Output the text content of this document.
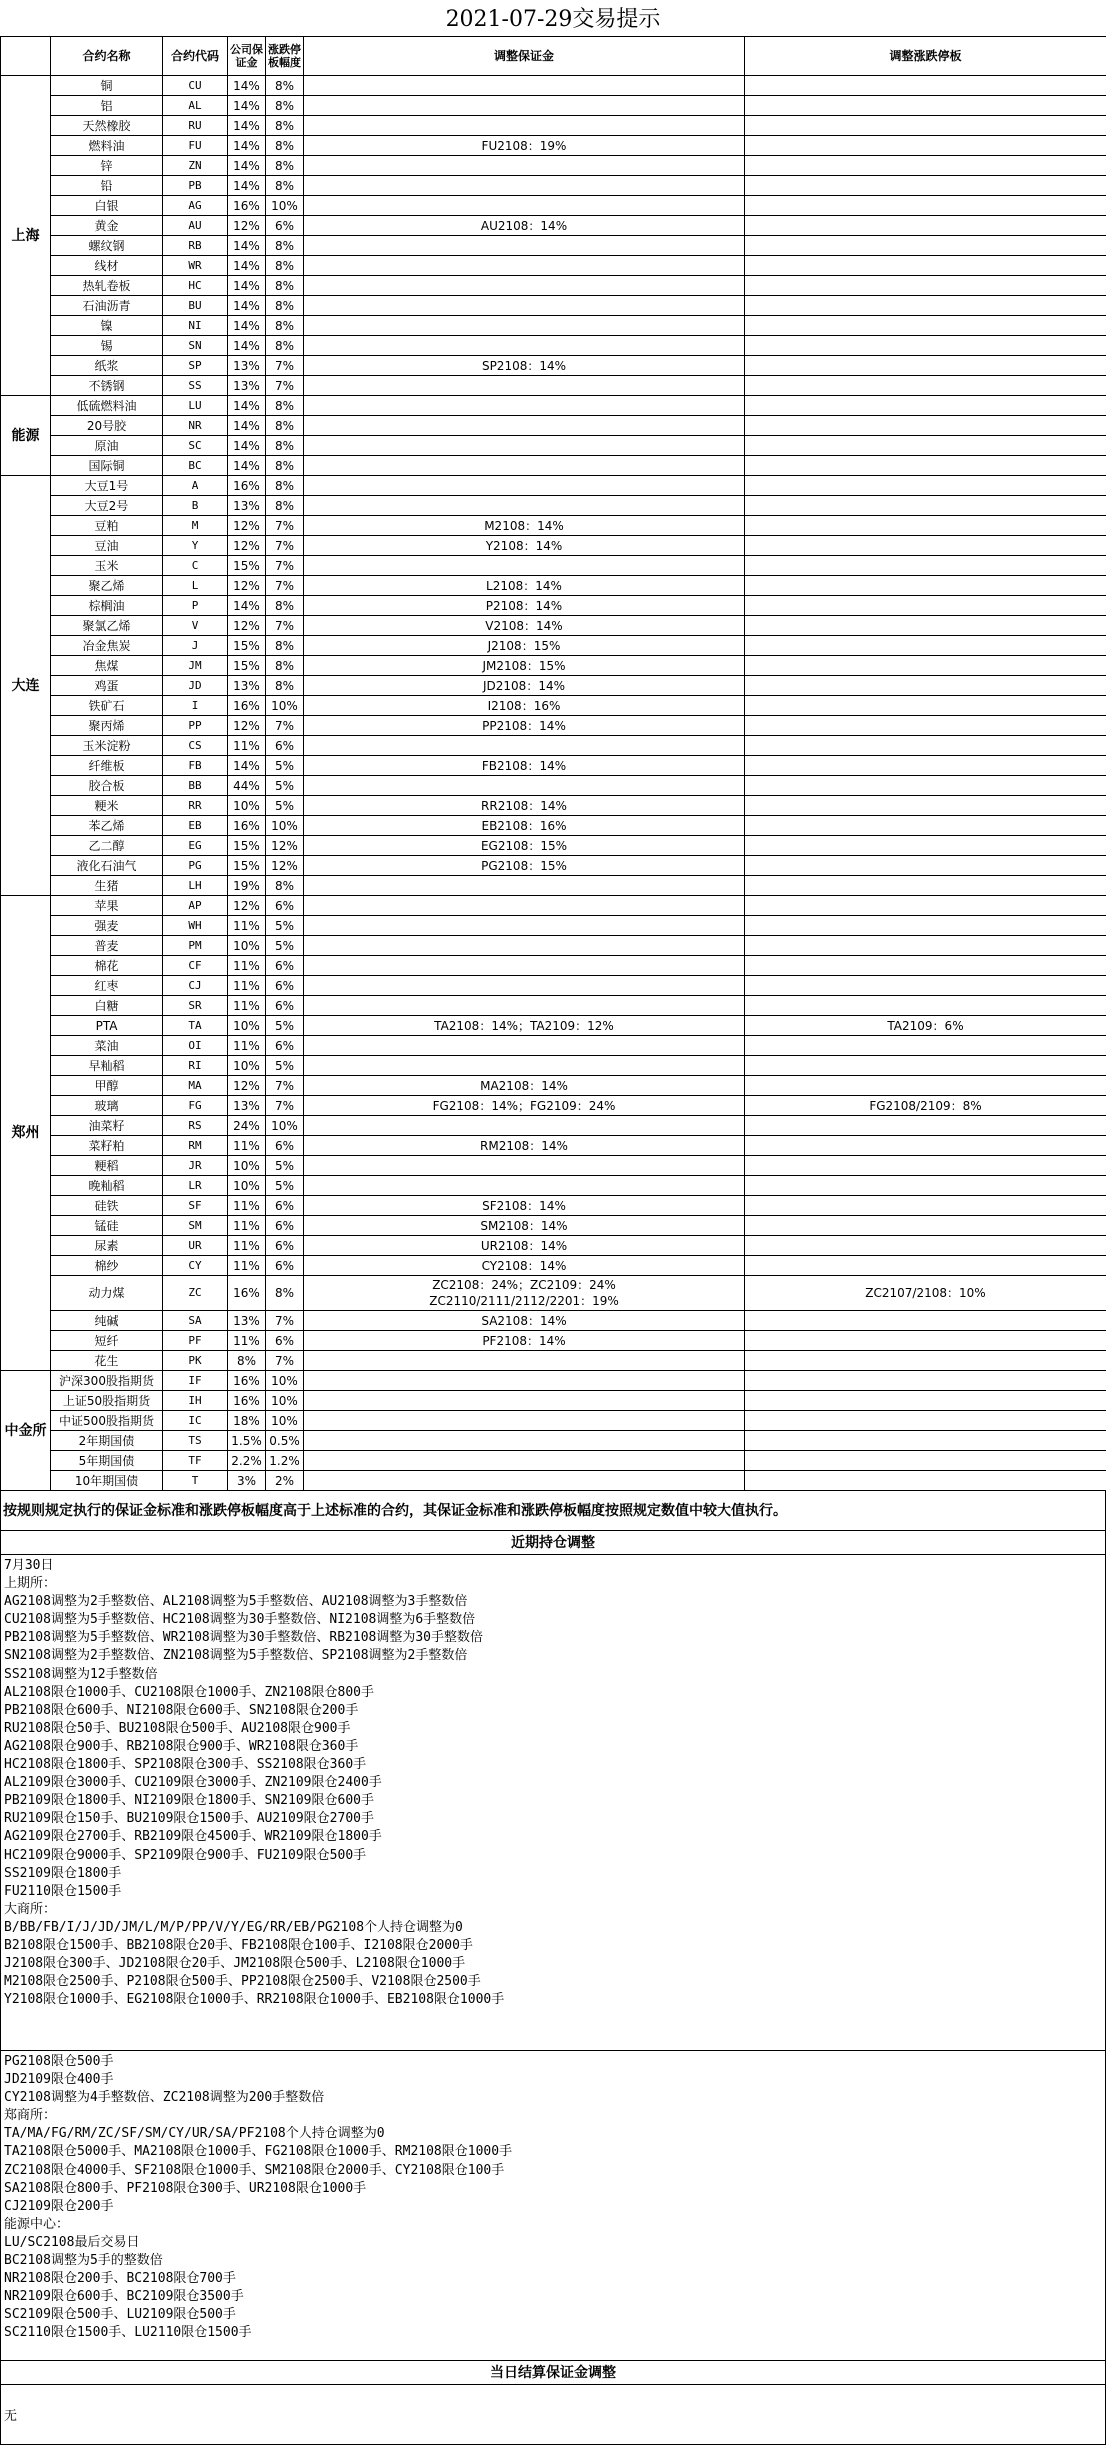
2021-07-29交易提示
	合约名称	合约代码	公司保证金	涨跌停板幅度	调整保证金	调整涨跌停板
上海	铜	CU	14%	8%		
	铝	AL	14%	8%		
	天然橡胶	RU	14%	8%		
	燃料油	FU	14%	8%	FU2108：19%	
	锌	ZN	14%	8%		
	铅	PB	14%	8%		
	白银	AG	16%	10%		
	黄金	AU	12%	6%	AU2108：14%	
	螺纹钢	RB	14%	8%		
	线材	WR	14%	8%		
	热轧卷板	HC	14%	8%		
	石油沥青	BU	14%	8%		
	镍	NI	14%	8%		
	锡	SN	14%	8%		
	纸浆	SP	13%	7%	SP2108：14%	
	不锈钢	SS	13%	7%		
能源	低硫燃料油	LU	14%	8%		
	20号胶	NR	14%	8%		
	原油	SC	14%	8%		
	国际铜	BC	14%	8%		
大连	大豆1号	A	16%	8%		
	大豆2号	B	13%	8%		
	豆粕	M	12%	7%	M2108：14%	
	豆油	Y	12%	7%	Y2108：14%	
	玉米	C	15%	7%		
	聚乙烯	L	12%	7%	L2108：14%	
	棕榈油	P	14%	8%	P2108：14%	
	聚氯乙烯	V	12%	7%	V2108：14%	
	冶金焦炭	J	15%	8%	J2108：15%	
	焦煤	JM	15%	8%	JM2108：15%	
	鸡蛋	JD	13%	8%	JD2108：14%	
	铁矿石	I	16%	10%	I2108：16%	
	聚丙烯	PP	12%	7%	PP2108：14%	
	玉米淀粉	CS	11%	6%		
	纤维板	FB	14%	5%	FB2108：14%	
	胶合板	BB	44%	5%		
	粳米	RR	10%	5%	RR2108：14%	
	苯乙烯	EB	16%	10%	EB2108：16%	
	乙二醇	EG	15%	12%	EG2108：15%	
	液化石油气	PG	15%	12%	PG2108：15%	
	生猪	LH	19%	8%		
郑州	苹果	AP	12%	6%		
	强麦	WH	11%	5%		
	普麦	PM	10%	5%		
	棉花	CF	11%	6%		
	红枣	CJ	11%	6%		
	白糖	SR	11%	6%		
	PTA	TA	10%	5%	TA2108：14%；TA2109：12%	TA2109：6%
	菜油	OI	11%	6%		
	早籼稻	RI	10%	5%		
	甲醇	MA	12%	7%	MA2108：14%	
	玻璃	FG	13%	7%	FG2108：14%；FG2109：24%	FG2108/2109：8%
	油菜籽	RS	24%	10%		
	菜籽粕	RM	11%	6%	RM2108：14%	
	粳稻	JR	10%	5%		
	晚籼稻	LR	10%	5%		
	硅铁	SF	11%	6%	SF2108：14%	
	锰硅	SM	11%	6%	SM2108：14%	
	尿素	UR	11%	6%	UR2108：14%	
	棉纱	CY	11%	6%	CY2108：14%	
	动力煤	ZC	16%	8%	ZC2108：24%；ZC2109：24%
ZC2110/2111/2112/2201：19%	ZC2107/2108：10%
	纯碱	SA	13%	7%	SA2108：14%	
	短纤	PF	11%	6%	PF2108：14%	
	花生	PK	8%	7%		
中金所	沪深300股指期货	IF	16%	10%		
	上证50股指期货	IH	16%	10%		
	中证500股指期货	IC	18%	10%		
	2年期国债	TS	1.5%	0.5%		
	5年期国债	TF	2.2%	1.2%		
	10年期国债	T	3%	2%		
按规则规定执行的保证金标准和涨跌停板幅度高于上述标准的合约，其保证金标准和涨跌停板幅度按照规定数值中较大值执行。
近期持仓调整
7月30日
上期所：
AG2108调整为2手整数倍、AL2108调整为5手整数倍、AU2108调整为3手整数倍
CU2108调整为5手整数倍、HC2108调整为30手整数倍、NI2108调整为6手整数倍
PB2108调整为5手整数倍、WR2108调整为30手整数倍、RB2108调整为30手整数倍
SN2108调整为2手整数倍、ZN2108调整为5手整数倍、SP2108调整为2手整数倍
SS2108调整为12手整数倍
AL2108限仓1000手、CU2108限仓1000手、ZN2108限仓800手
PB2108限仓600手、NI2108限仓600手、SN2108限仓200手
RU2108限仓50手、BU2108限仓500手、AU2108限仓900手
AG2108限仓900手、RB2108限仓900手、WR2108限仓360手
HC2108限仓1800手、SP2108限仓300手、SS2108限仓360手
AL2109限仓3000手、CU2109限仓3000手、ZN2109限仓2400手
PB2109限仓1800手、NI2109限仓1800手、SN2109限仓600手
RU2109限仓150手、BU2109限仓1500手、AU2109限仓2700手
AG2109限仓2700手、RB2109限仓4500手、WR2109限仓1800手
HC2109限仓9000手、SP2109限仓900手、FU2109限仓500手
SS2109限仓1800手
FU2110限仓1500手
大商所：
B/BB/FB/I/J/JD/JM/L/M/P/PP/V/Y/EG/RR/EB/PG2108个人持仓调整为0
B2108限仓1500手、BB2108限仓20手、FB2108限仓100手、I2108限仓2000手
J2108限仓300手、JD2108限仓20手、JM2108限仓500手、L2108限仓1000手
M2108限仓2500手、P2108限仓500手、PP2108限仓2500手、V2108限仓2500手
Y2108限仓1000手、EG2108限仓1000手、RR2108限仓1000手、EB2108限仓1000手
PG2108限仓500手
JD2109限仓400手
CY2108调整为4手整数倍、ZC2108调整为200手整数倍
郑商所：
TA/MA/FG/RM/ZC/SF/SM/CY/UR/SA/PF2108个人持仓调整为0
TA2108限仓5000手、MA2108限仓1000手、FG2108限仓1000手、RM2108限仓1000手
ZC2108限仓4000手、SF2108限仓1000手、SM2108限仓2000手、CY2108限仓100手
SA2108限仓800手、PF2108限仓300手、UR2108限仓1000手
CJ2109限仓200手
能源中心：
LU/SC2108最后交易日
BC2108调整为5手的整数倍
NR2108限仓200手、BC2108限仓700手
NR2109限仓600手、BC2109限仓3500手
SC2109限仓500手、LU2109限仓500手
SC2110限仓1500手、LU2110限仓1500手
当日结算保证金调整
无
